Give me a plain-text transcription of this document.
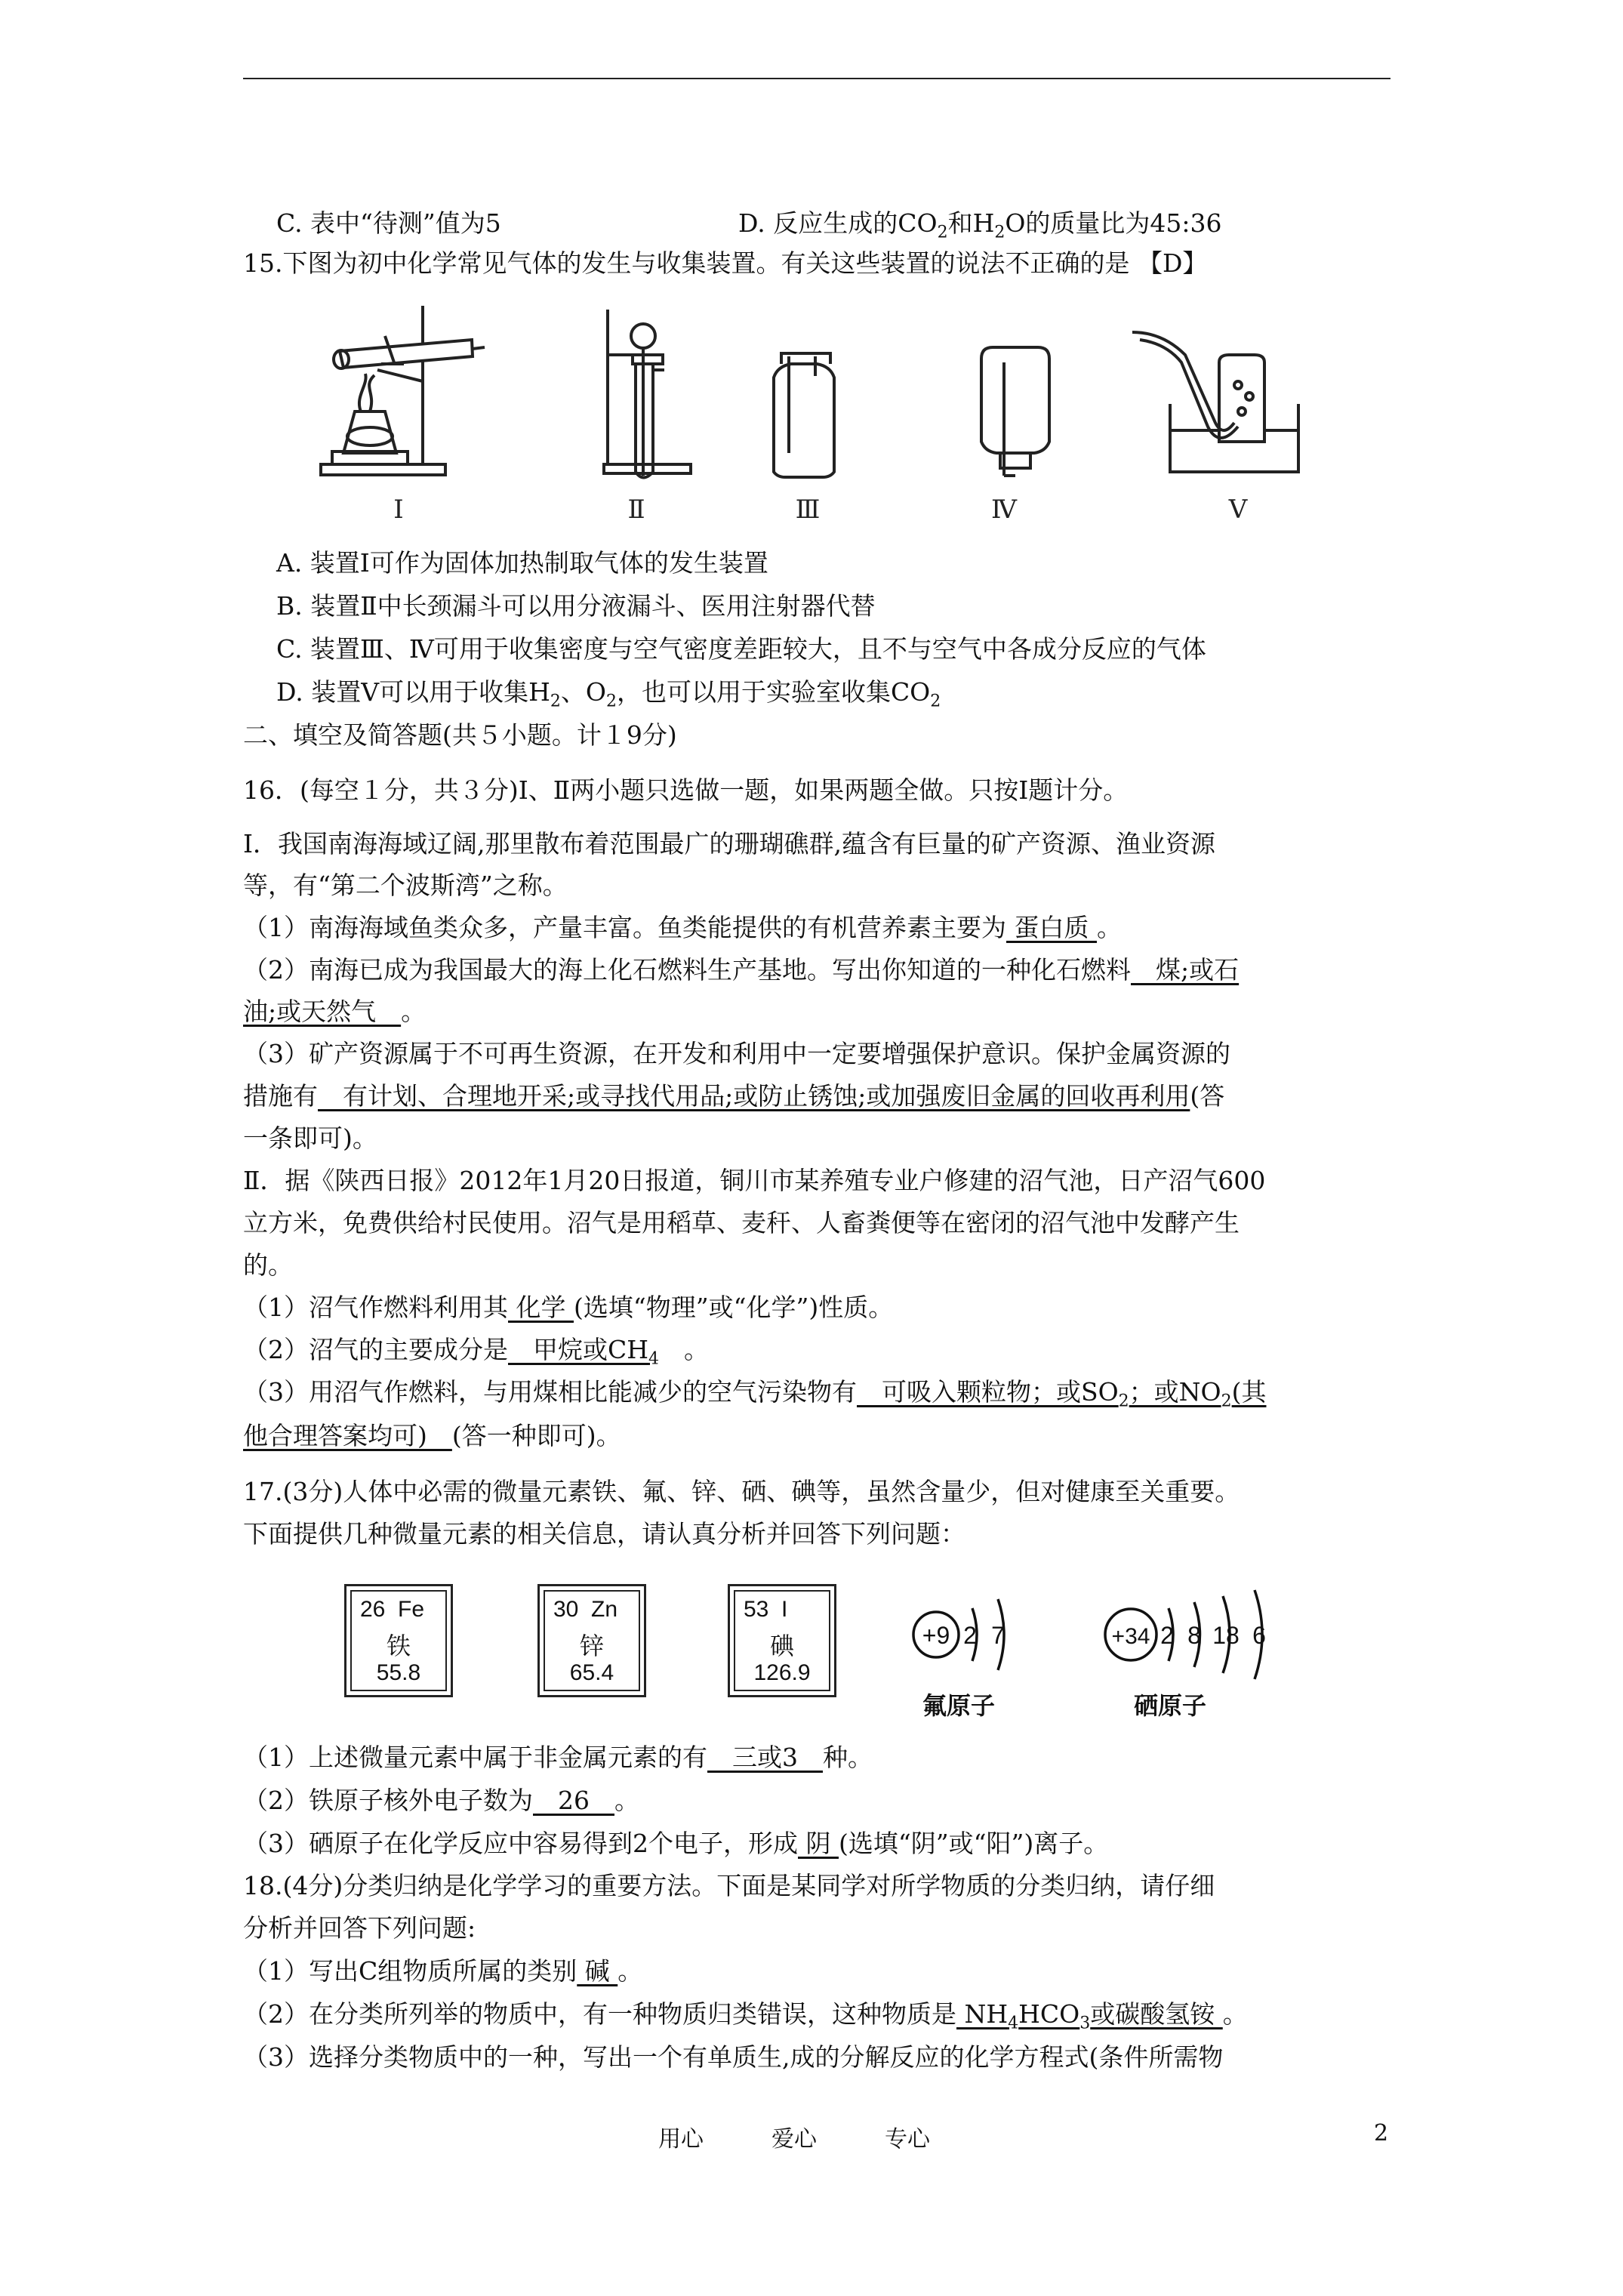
C. 表中“待测”值为5	D. 反应生成的$CO_2$和$H_2O$的质量比为45:36
15.下图为初中化学常见气体的发生与收集装置。有关这些装置的说法不正确的是 【D】
Ⅰ	Ⅱ	Ⅲ	Ⅳ	Ⅴ
A. 装置Ⅰ可作为固体加热制取气体的发生装置
B. 装置Ⅱ中长颈漏斗可以用分液漏斗、医用注射器代替
C. 装置Ⅲ、Ⅳ可用于收集密度与空气密度差距较大，且不与空气中各成分反应的气体
D. 装置Ⅴ可以用于收集$H_2$、$O_2$，也可以用于实验室收集$CO_2$
二、填空及简答题(共５小题。计１9分)
16．(每空１分，共３分)Ⅰ、Ⅱ两小题只选做一题，如果两题全做。只按Ⅰ题计分。
I．我国南海海域辽阔,那里散布着范围最广的珊瑚礁群,蕴含有巨量的矿产资源、渔业资源
等，有“第二个波斯湾”之称。
（1）南海海域鱼类众多，产量丰富。鱼类能提供的有机营养素主要为 蛋白质 。
（2）南海已成为我国最大的海上化石燃料生产基地。写出你知道的一种化石燃料　煤;或石
油;或天然气　。
（3）矿产资源属于不可再生资源，在开发和利用中一定要增强保护意识。保护金属资源的
措施有　有计划、合理地开采;或寻找代用品;或防止锈蚀;或加强废旧金属的回收再利用(答
一条即可)。
Ⅱ．据《陕西日报》2012年1月20日报道，铜川市某养殖专业户修建的沼气池，日产沼气600
立方米，免费供给村民使用。沼气是用稻草、麦秆、人畜粪便等在密闭的沼气池中发酵产生
的。
（1）沼气作燃料利用其 化学 (选填“物理”或“化学”)性质。
（2）沼气的主要成分是　甲烷或$CH_4$　。
（3）用沼气作燃料，与用煤相比能减少的空气污染物有　可吸入颗粒物；或$SO_2$；或$NO_2$(其
他合理答案均可)　(答一种即可)。
17.(3分)人体中必需的微量元素铁、氟、锌、硒、碘等，虽然含量少，但对健康至关重要。
下面提供几种微量元素的相关信息，请认真分析并回答下列问题：
26 Fe
铁
55.8
30 Zn
锌
65.4
53 I
碘
126.9
+9 2 7
氟原子
+34 2 8 18 6
硒原子
（1）上述微量元素中属于非金属元素的有　三或3　种。
（2）铁原子核外电子数为　26　。
（3）硒原子在化学反应中容易得到2个电子，形成 阴 (选填“阴”或“阳”)离子。
18.(4分)分类归纳是化学学习的重要方法。下面是某同学对所学物质的分类归纳，请仔细
分析并回答下列问题:
（1）写出C组物质所属的类别 碱 。
（2）在分类所列举的物质中，有一种物质归类错误，这种物质是 $NH_4HCO_3$或碳酸氢铵 。
（3）选择分类物质中的一种，写出一个有单质生,成的分解反应的化学方程式(条件所需物
用心　　　爱心　　　专心	2
